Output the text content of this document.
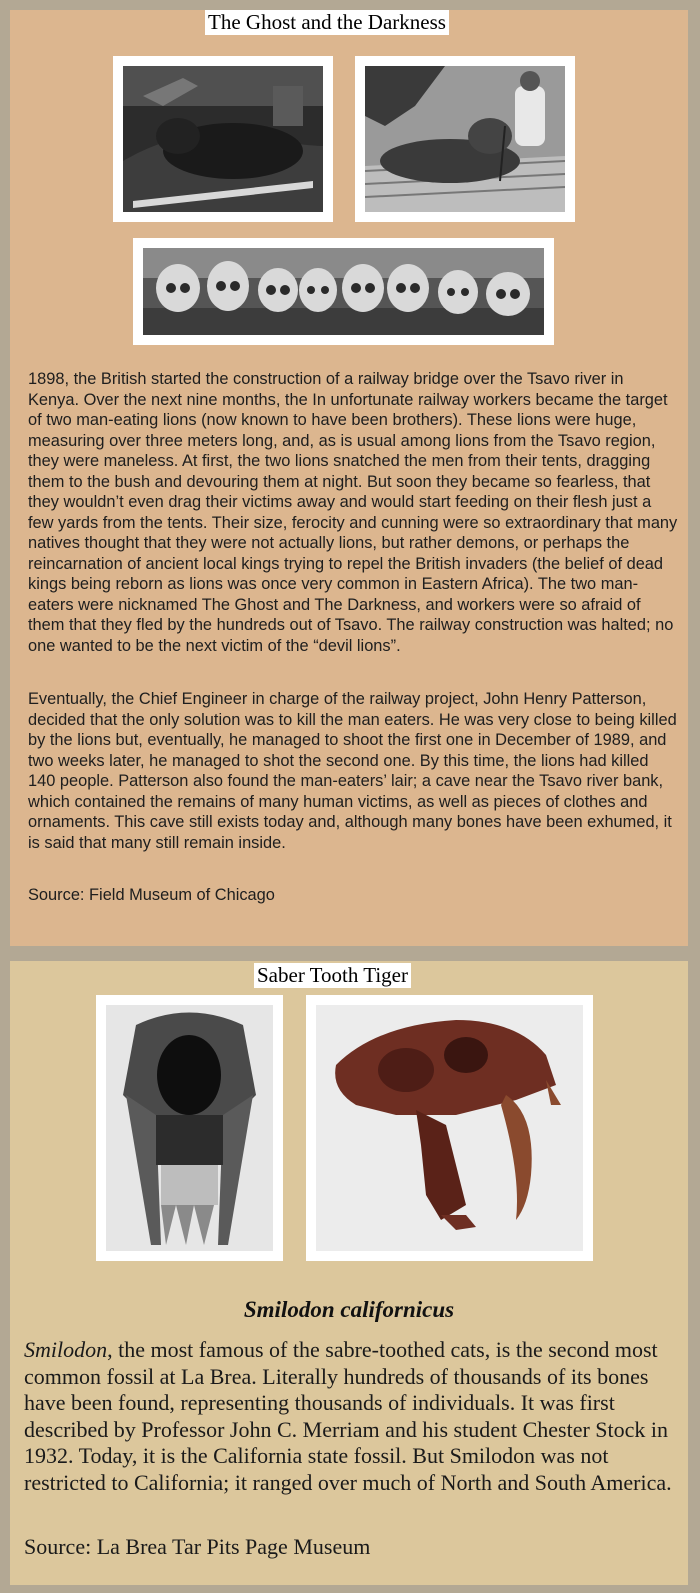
The Ghost and the Darkness

1898, the British started the construction of a railway bridge over the Tsavo river in Kenya. Over the next nine months, the In unfortunate railway workers became the target of two man-eating lions (now known to have been brothers). These lions were huge, measuring over three meters long, and, as is usual among lions from the Tsavo region, they were maneless. At first, the two lions snatched the men from their tents, dragging them to the bush and devouring them at night. But soon they became so fearless, that they wouldn’t even drag their victims away and would start feeding on their flesh just a few yards from the tents. Their size, ferocity and cunning were so extraordinary that many natives thought that they were not actually lions, but rather demons, or perhaps the reincarnation of ancient local kings trying to repel the British invaders (the belief of dead kings being reborn as lions was once very common in Eastern Africa). The two man-eaters were nicknamed The Ghost and The Darkness, and workers were so afraid of them that they fled by the hundreds out of Tsavo. The railway construction was halted; no one wanted to be the next victim of the “devil lions”.

Eventually, the Chief Engineer in charge of the railway project, John Henry Patterson, decided that the only solution was to kill the man eaters. He was very close to being killed by the lions but, eventually, he managed to shoot the first one in December of 1989, and two weeks later, he managed to shot the second one. By this time, the lions had killed 140 people. Patterson also found the man-eaters’ lair; a cave near the Tsavo river bank, which contained the remains of many human victims, as well as pieces of clothes and ornaments. This cave still exists today and, although many bones have been exhumed, it is said that many still remain inside.

Source: Field Museum of Chicago

Saber Tooth Tiger
Smilodon californicus

Smilodon, the most famous of the sabre-toothed cats, is the second most common fossil at La Brea. Literally hundreds of thousands of its bones have been found, representing thousands of individuals. It was first described by Professor John C. Merriam and his student Chester Stock in 1932. Today, it is the California state fossil. But Smilodon was not restricted to California; it ranged over much of North and South America.

Source: La Brea Tar Pits Page Museum
